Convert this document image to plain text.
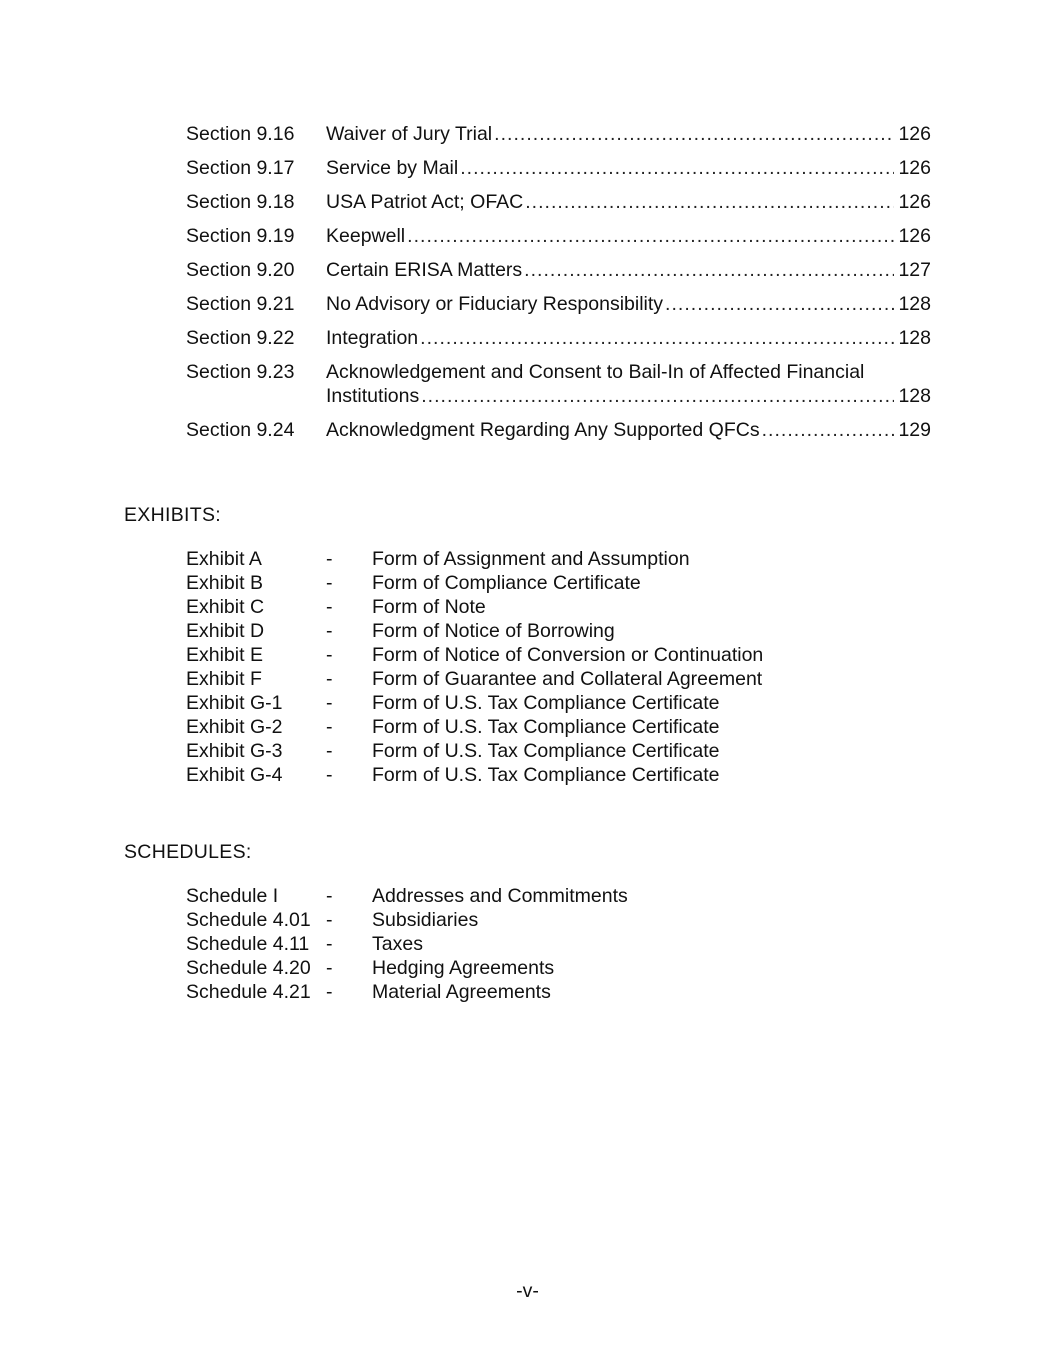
Section 9.16	Waiver of Jury Trial . . .	126
Section 9.17	Service by Mail . . .	126
Section 9.18	USA Patriot Act; OFAC . . .	126
Section 9.19	Keepwell . . .	126
Section 9.20	Certain ERISA Matters . . .	127
Section 9.21	No Advisory or Fiduciary Responsibility . . .	128
Section 9.22	Integration . . .	128
Section 9.23	Acknowledgement and Consent to Bail-In of Affected Financial
Institutions . . .	128
Section 9.24	Acknowledgment Regarding Any Supported QFCs . . .	129
EXHIBITS:
Exhibit A	-	Form of Assignment and Assumption
Exhibit B	-	Form of Compliance Certificate
Exhibit C	-	Form of Note
Exhibit D	-	Form of Notice of Borrowing
Exhibit E	-	Form of Notice of Conversion or Continuation
Exhibit F	-	Form of Guarantee and Collateral Agreement
Exhibit G-1	-	Form of U.S. Tax Compliance Certificate
Exhibit G-2	-	Form of U.S. Tax Compliance Certificate
Exhibit G-3	-	Form of U.S. Tax Compliance Certificate
Exhibit G-4	-	Form of U.S. Tax Compliance Certificate
SCHEDULES:
Schedule I	-	Addresses and Commitments
Schedule 4.01 -	Subsidiaries
Schedule 4.11 -	Taxes
Schedule 4.20 -	Hedging Agreements
Schedule 4.21 -	Material Agreements
-v-
